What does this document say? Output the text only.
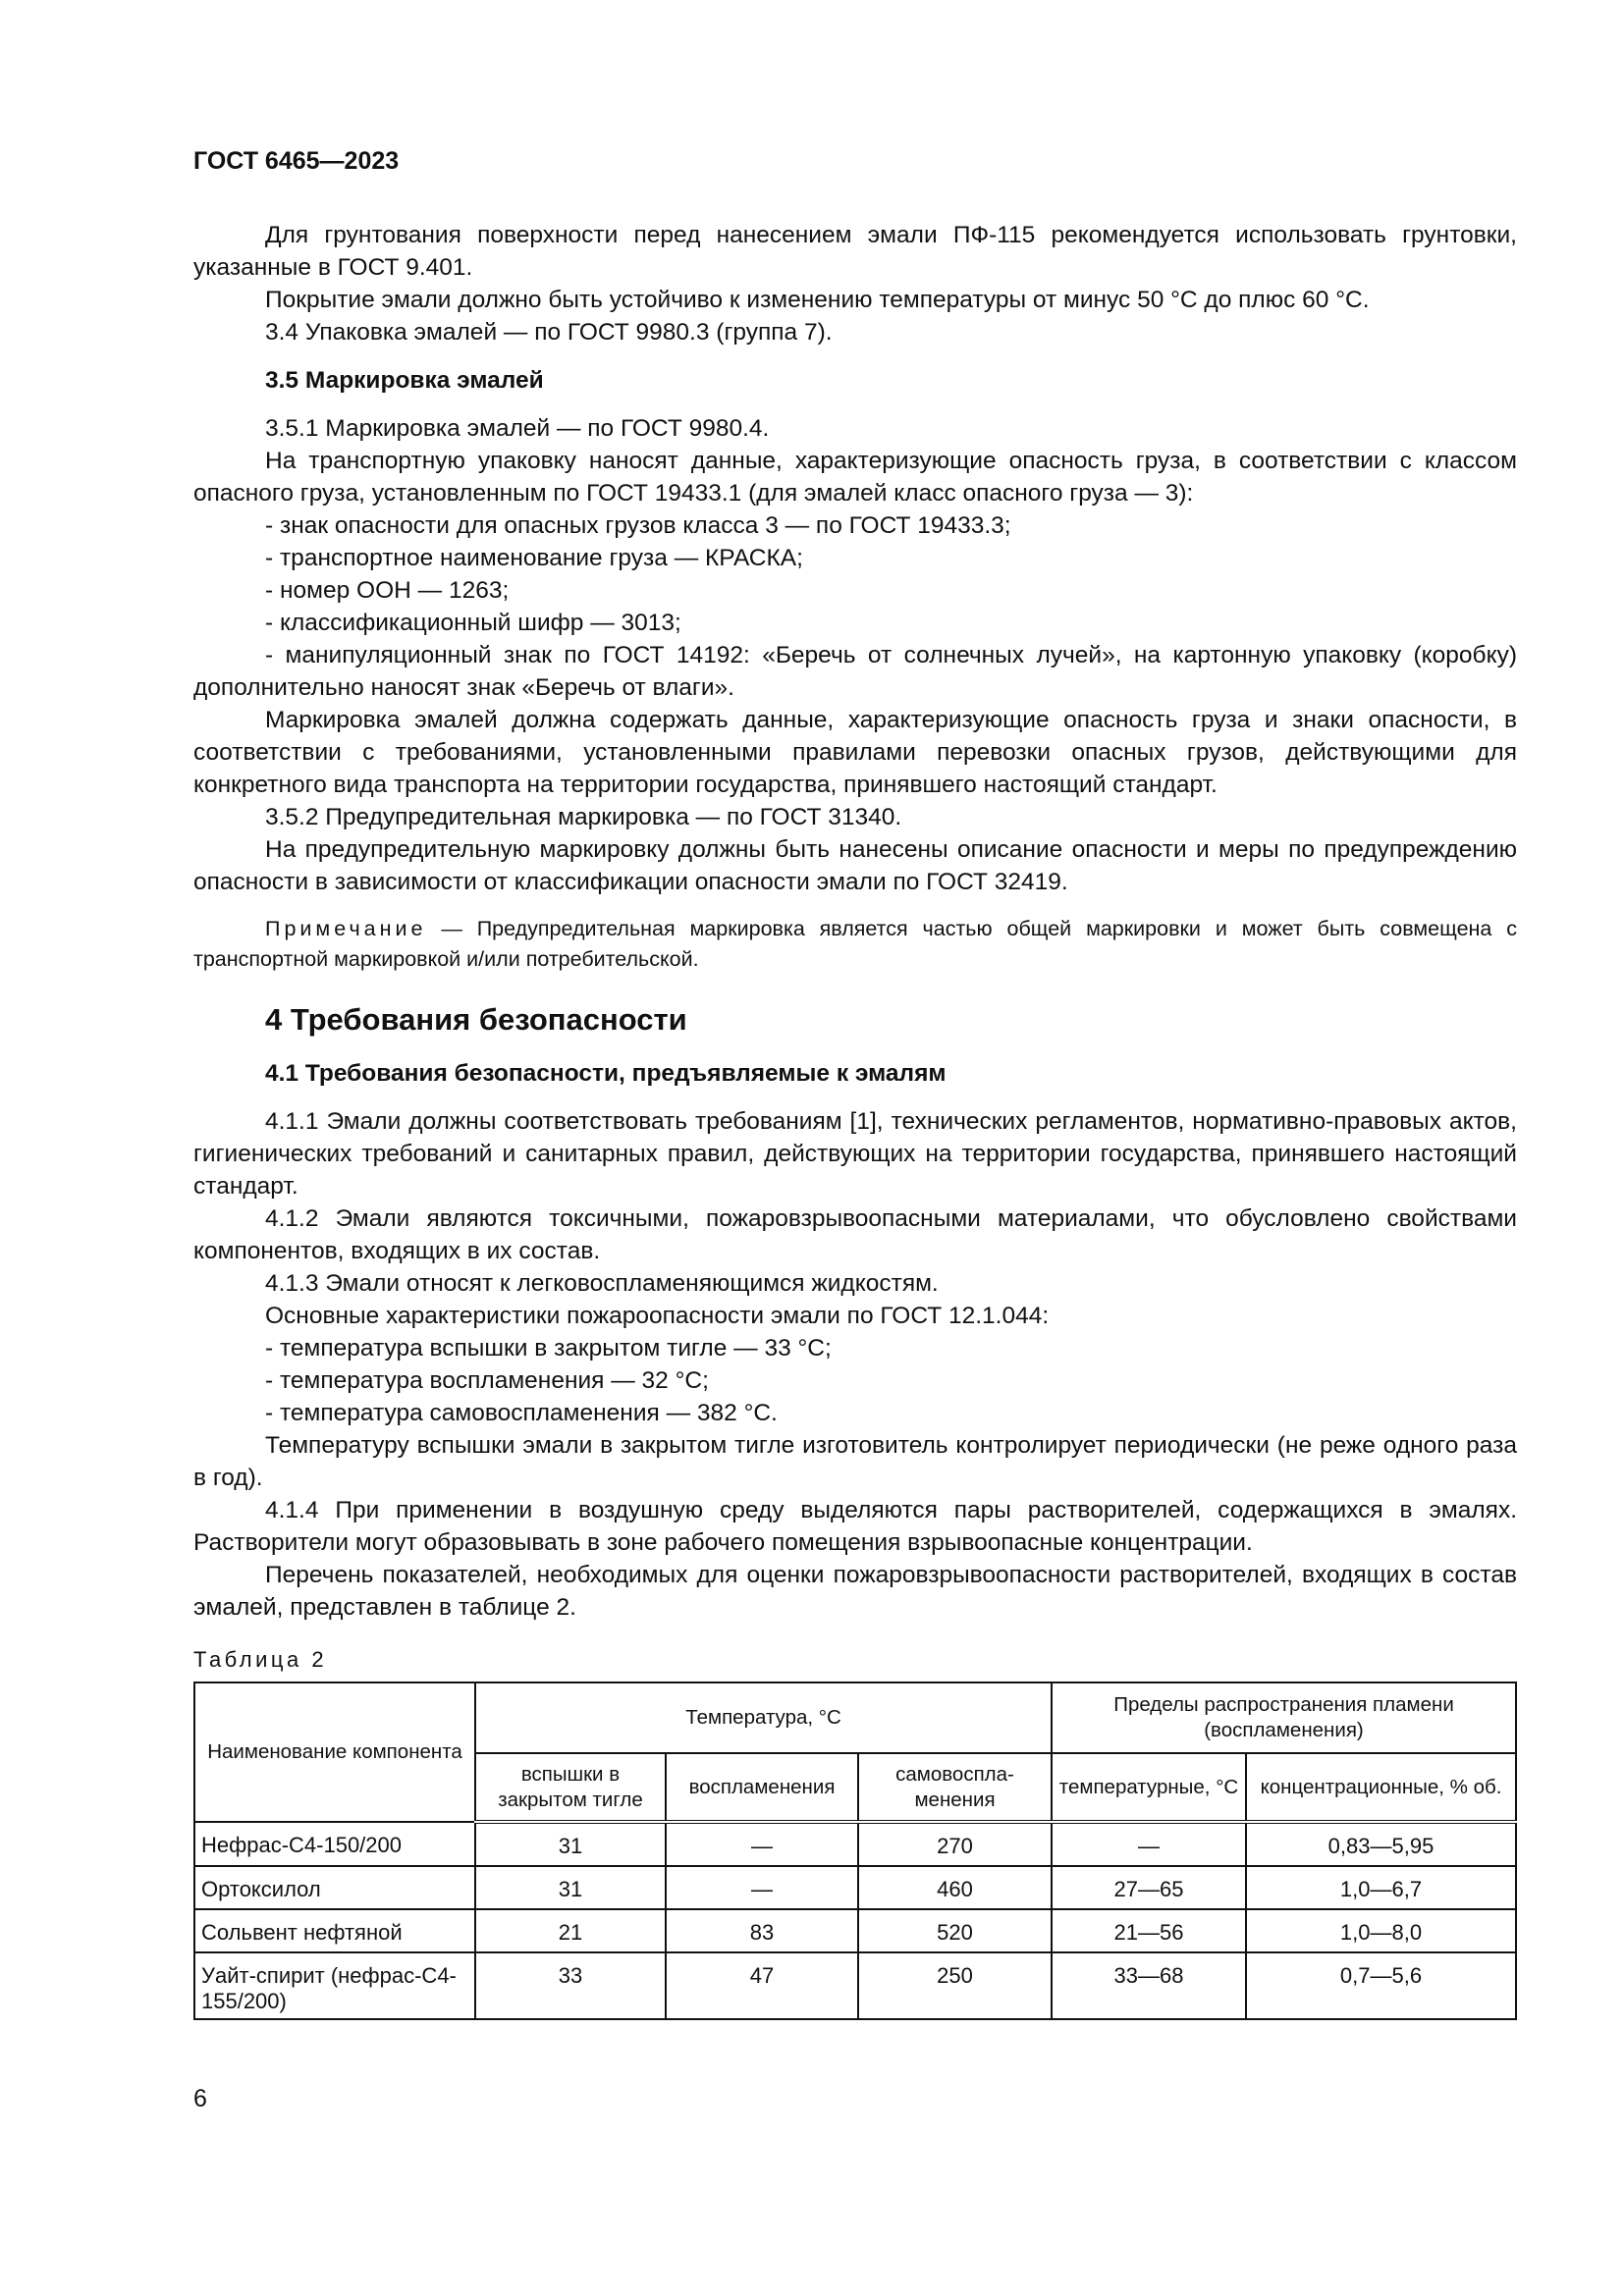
ГОСТ 6465—2023

Для грунтования поверхности перед нанесением эмали ПФ-115 рекомендуется использовать грунтовки, указанные в ГОСТ 9.401.

Покрытие эмали должно быть устойчиво к изменению температуры от минус 50 °С до плюс 60 °С.

3.4 Упаковка эмалей — по ГОСТ 9980.3 (группа 7).

3.5 Маркировка эмалей

3.5.1 Маркировка эмалей — по ГОСТ 9980.4.

На транспортную упаковку наносят данные, характеризующие опасность груза, в соответствии с классом опасного груза, установленным по ГОСТ 19433.1 (для эмалей класс опасного груза — 3):

- знак опасности для опасных грузов класса 3 — по ГОСТ 19433.3;

- транспортное наименование груза — КРАСКА;

- номер ООН — 1263;

- классификационный шифр — 3013;

- манипуляционный знак по ГОСТ 14192: «Беречь от солнечных лучей», на картонную упаковку (коробку) дополнительно наносят знак «Беречь от влаги».

Маркировка эмалей должна содержать данные, характеризующие опасность груза и знаки опасности, в соответствии с требованиями, установленными правилами перевозки опасных грузов, действующими для конкретного вида транспорта на территории государства, принявшего настоящий стандарт.

3.5.2 Предупредительная маркировка — по ГОСТ 31340.

На предупредительную маркировку должны быть нанесены описание опасности и меры по предупреждению опасности в зависимости от классификации опасности эмали по ГОСТ 32419.

Примечание — Предупредительная маркировка является частью общей маркировки и может быть совмещена с транспортной маркировкой и/или потребительской.

4 Требования безопасности
4.1 Требования безопасности, предъявляемые к эмалям

4.1.1 Эмали должны соответствовать требованиям [1], технических регламентов, нормативно-правовых актов, гигиенических требований и санитарных правил, действующих на территории государства, принявшего настоящий стандарт.

4.1.2 Эмали являются токсичными, пожаровзрывоопасными материалами, что обусловлено свойствами компонентов, входящих в их состав.

4.1.3 Эмали относят к легковоспламеняющимся жидкостям.

Основные характеристики пожароопасности эмали по ГОСТ 12.1.044:

- температура вспышки в закрытом тигле — 33 °С;

- температура воспламенения — 32 °С;

- температура самовоспламенения — 382 °С.

Температуру вспышки эмали в закрытом тигле изготовитель контролирует периодически (не реже одного раза в год).

4.1.4 При применении в воздушную среду выделяются пары растворителей, содержащихся в эмалях. Растворители могут образовывать в зоне рабочего помещения взрывоопасные концентрации.

Перечень показателей, необходимых для оценки пожаровзрывоопасности растворителей, входящих в состав эмалей, представлен в таблице 2.

Таблица 2

Наименование компонента	Температура, °С			Пределы распространения пламени (воспламенения)	
	вспышки в закрытом тигле	воспламенения	самовоспла-менения	температурные, °С	концентрационные, % об.
Нефрас-С4-150/200	31	—	270	—	0,83—5,95
Ортоксилол	31	—	460	27—65	1,0—6,7
Сольвент нефтяной	21	83	520	21—56	1,0—8,0
Уайт-спирит (нефрас-С4-155/200)	33	47	250	33—68	0,7—5,6
6
